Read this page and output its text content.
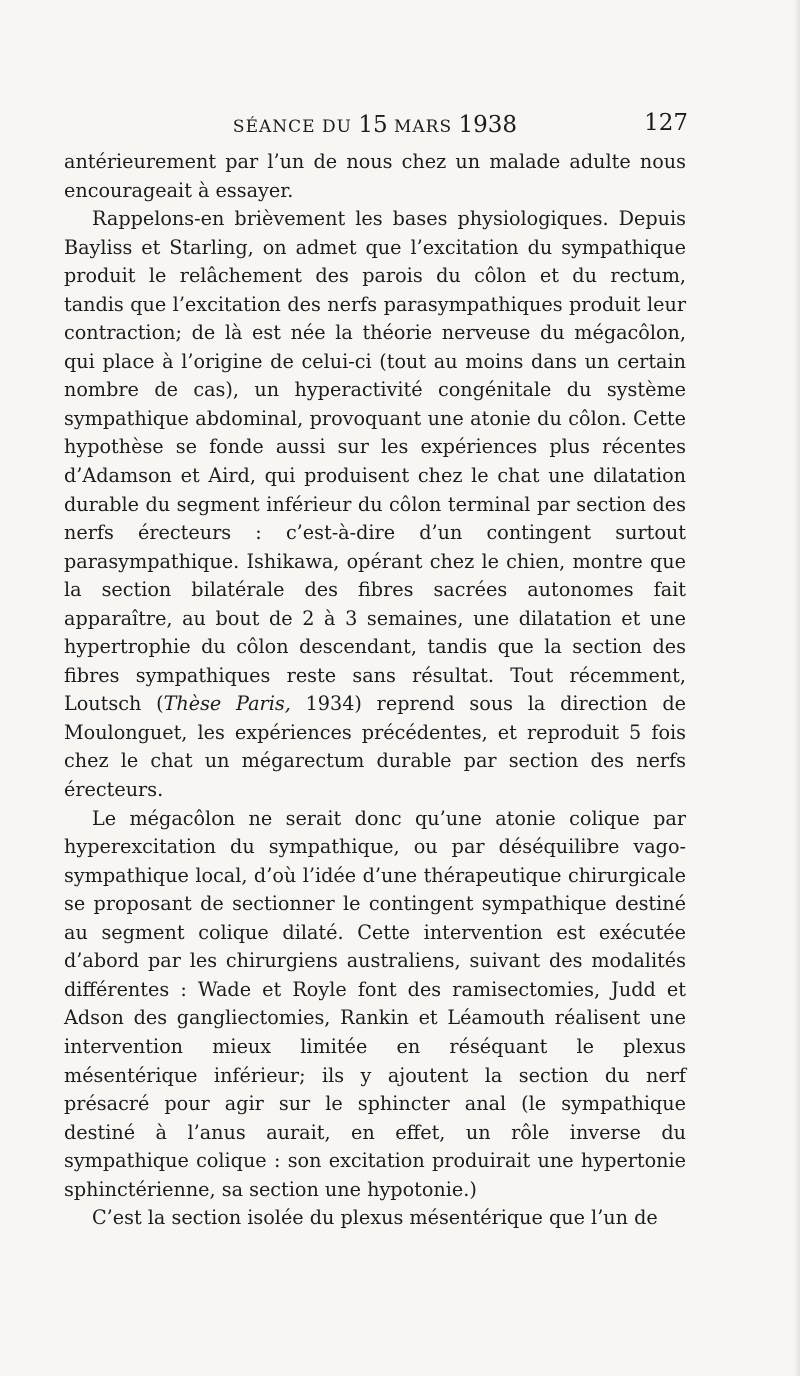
SÉANCE DU 15 MARS 1938	127

antérieurement par l’un de nous chez un malade adulte nous encourageait à essayer.

Rappelons-en brièvement les bases physiologiques. Depuis Bayliss et Starling, on admet que l’excitation du sympathique produit le relâchement des parois du côlon et du rectum, tandis que l’excitation des nerfs parasympathiques produit leur contraction; de là est née la théorie nerveuse du mégacôlon, qui place à l’origine de celui-ci (tout au moins dans un certain nombre de cas), un hyperactivité congénitale du système sympathique abdominal, provoquant une atonie du côlon. Cette hypothèse se fonde aussi sur les expériences plus récentes d’Adamson et Aird, qui produisent chez le chat une dilatation durable du segment inférieur du côlon terminal par section des nerfs érecteurs : c’est-à-dire d’un contingent surtout parasympathique. Ishikawa, opérant chez le chien, montre que la section bilatérale des fibres sacrées autonomes fait apparaître, au bout de 2 à 3 semaines, une dilatation et une hypertrophie du côlon descendant, tandis que la section des fibres sympathiques reste sans résultat. Tout récemment, Loutsch (Thèse Paris, 1934) reprend sous la direction de Moulonguet, les expériences précédentes, et reproduit 5 fois chez le chat un mégarectum durable par section des nerfs érecteurs.

Le mégacôlon ne serait donc qu’une atonie colique par hyperexcitation du sympathique, ou par déséquilibre vago-sympathique local, d’où l’idée d’une thérapeutique chirurgicale se proposant de sectionner le contingent sympathique destiné au segment colique dilaté. Cette intervention est exécutée d’abord par les chirurgiens australiens, suivant des modalités différentes : Wade et Royle font des ramisectomies, Judd et Adson des gangliectomies, Rankin et Léamouth réalisent une intervention mieux limitée en réséquant le plexus mésentérique inférieur; ils y ajoutent la section du nerf présacré pour agir sur le sphincter anal (le sympathique destiné à l’anus aurait, en effet, un rôle inverse du sympathique colique : son excitation produirait une hypertonie sphinctérienne, sa section une hypotonie.)

C’est la section isolée du plexus mésentérique que l’un de
